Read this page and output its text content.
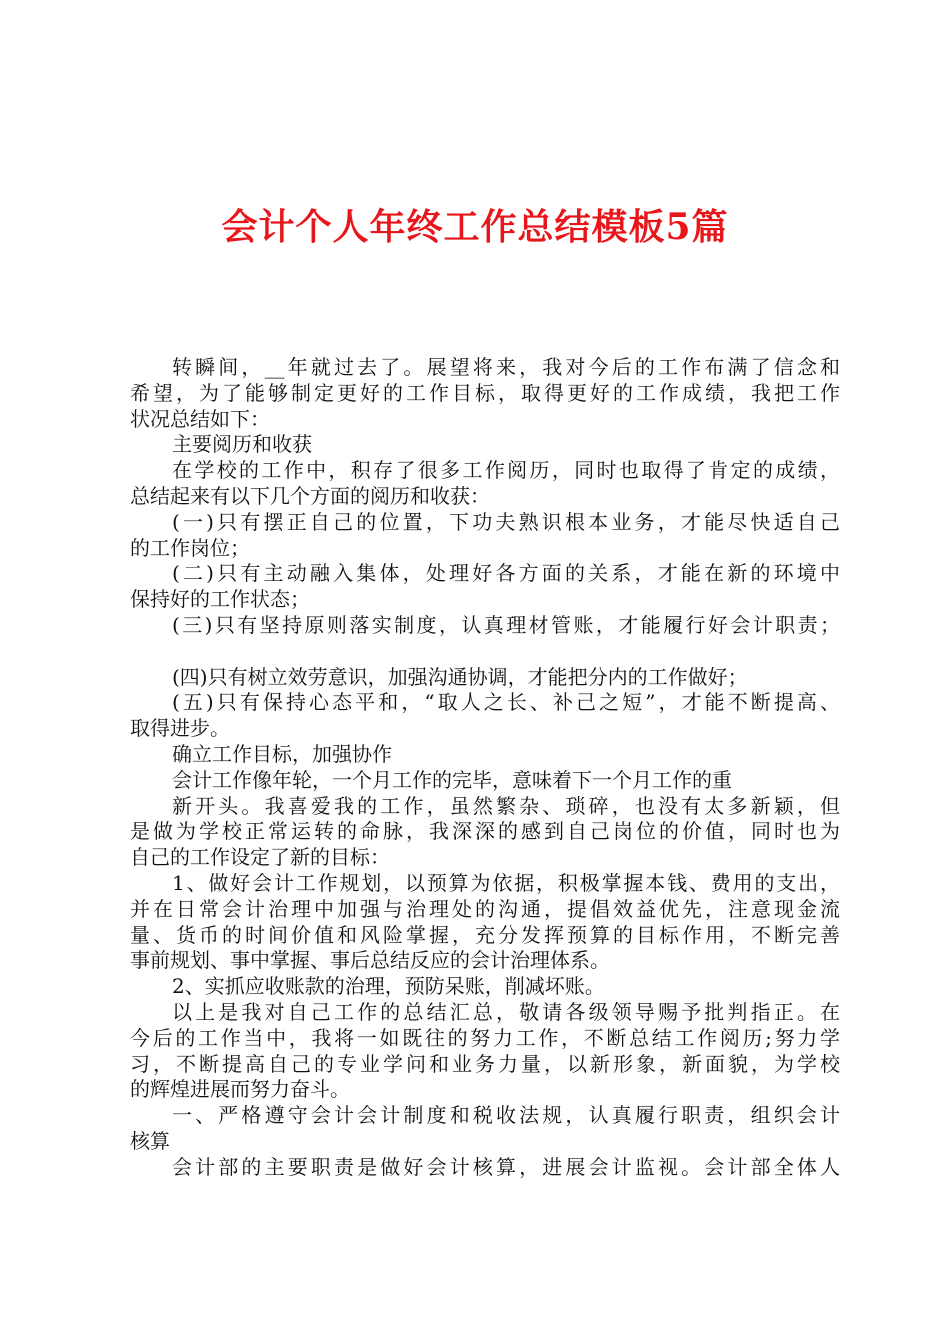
会计个人年终工作总结模板5篇
转瞬间，__年就过去了。展望将来，我对今后的工作布满了信念和
希望，为了能够制定更好的工作目标，取得更好的工作成绩，我把工作
状况总结如下：
主要阅历和收获
在学校的工作中，积存了很多工作阅历，同时也取得了肯定的成绩，
总结起来有以下几个方面的阅历和收获：
(一)只有摆正自己的位置，下功夫熟识根本业务，才能尽快适自己
的工作岗位；
(二)只有主动融入集体，处理好各方面的关系，才能在新的环境中
保持好的工作状态；
(三)只有坚持原则落实制度，认真理材管账，才能履行好会计职责；
(四)只有树立效劳意识，加强沟通协调，才能把分内的工作做好；
(五)只有保持心态平和，“取人之长、补己之短”，才能不断提高、
取得进步。
确立工作目标，加强协作
会计工作像年轮，一个月工作的完毕，意味着下一个月工作的重
新开头。我喜爱我的工作，虽然繁杂、琐碎，也没有太多新颖，但
是做为学校正常运转的命脉，我深深的感到自己岗位的价值，同时也为
自己的工作设定了新的目标：
1、做好会计工作规划，以预算为依据，积极掌握本钱、费用的支出，
并在日常会计治理中加强与治理处的沟通，提倡效益优先，注意现金流
量、货币的时间价值和风险掌握，充分发挥预算的目标作用，不断完善
事前规划、事中掌握、事后总结反应的会计治理体系。
2、实抓应收账款的治理，预防呆账，削减坏账。
以上是我对自己工作的总结汇总，敬请各级领导赐予批判指正。在
今后的工作当中，我将一如既往的努力工作，不断总结工作阅历;努力学
习，不断提高自己的专业学问和业务力量，以新形象，新面貌，为学校
的辉煌进展而努力奋斗。
一、严格遵守会计会计制度和税收法规，认真履行职责，组织会计
核算
会计部的主要职责是做好会计核算，进展会计监视。会计部全体人
